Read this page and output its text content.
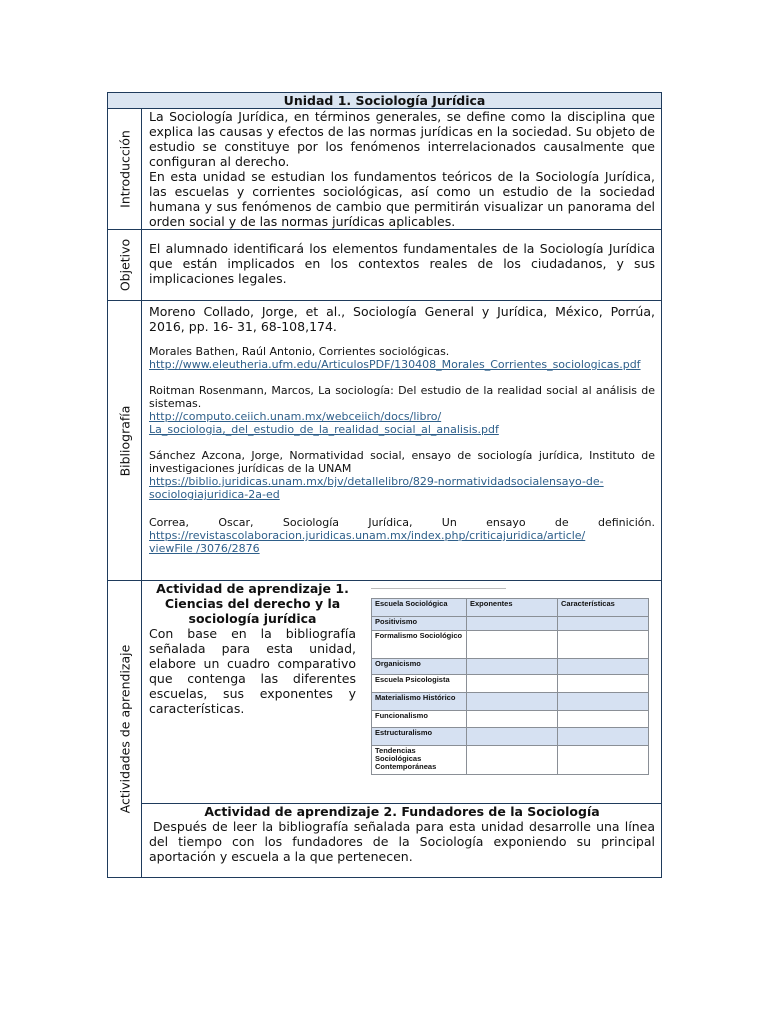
Unidad 1. Sociología Jurídica
Introducción

La Sociología Jurídica, en términos generales, se define como la disciplina que explica las causas y efectos de las normas jurídicas en la sociedad. Su objeto de estudio se constituye por los fenómenos interrelacionados causalmente que configuran al derecho.

En esta unidad se estudian los fundamentos teóricos de la Sociología Jurídica, las escuelas y corrientes sociológicas, así como un estudio de la sociedad humana y sus fenómenos de cambio que permitirán visualizar un panorama del orden social y de las normas jurídicas aplicables.

Objetivo El alumnado identificará los elementos fundamentales de la Sociología Jurídica que están implicados en los contextos reales de los ciudadanos, y sus implicaciones legales.
Bibliografía

Moreno Collado, Jorge, et al., Sociología General y Jurídica, México, Porrúa, 2016, pp. 16- 31, 68-108,174.

Morales Bathen, Raúl Antonio, Corrientes sociológicas.
http://www.eleutheria.ufm.edu/ArticulosPDF/130408_Morales_Corrientes_sociologicas.pdf
Roitman Rosenmann, Marcos, La sociología: Del estudio de la realidad social al análisis de sistemas.
http://computo.ceiich.unam.mx/webceiich/docs/libro/
La_sociologia,_del_estudio_de_la_realidad_social_al_analisis.pdf
Sánchez Azcona, Jorge, Normatividad social, ensayo de sociología jurídica, Instituto de investigaciones jurídicas de la UNAM
https://biblio.juridicas.unam.mx/bjv/detallelibro/829-normatividadsocialensayo-de-
sociologiajuridica-2a-ed
Correa, Oscar, Sociología Jurídica, Un ensayo de definición.
https://revistascolaboracion.juridicas.unam.mx/index.php/criticajuridica/article/
viewFile /3076/2876
Actividades de aprendizaje
Actividad de aprendizaje 1. Ciencias del derecho y la sociología jurídica

Con base en la bibliografía señalada para esta unidad, elabore un cuadro comparativo que contenga las diferentes escuelas, sus exponentes y características.

Escuela Sociológica	Exponentes	Características
Positivismo		
Formalismo Sociológico		
Organicismo		
Escuela Psicologista		
Materialismo Histórico		
Funcionalismo		
Estructuralismo		
Tendencias Sociológicas Contemporáneas		
Actividad de aprendizaje 2. Fundadores de la Sociología

Después de leer la bibliografía señalada para esta unidad desarrolle una línea del tiempo con los fundadores de la Sociología exponiendo su principal aportación y escuela a la que pertenecen.
